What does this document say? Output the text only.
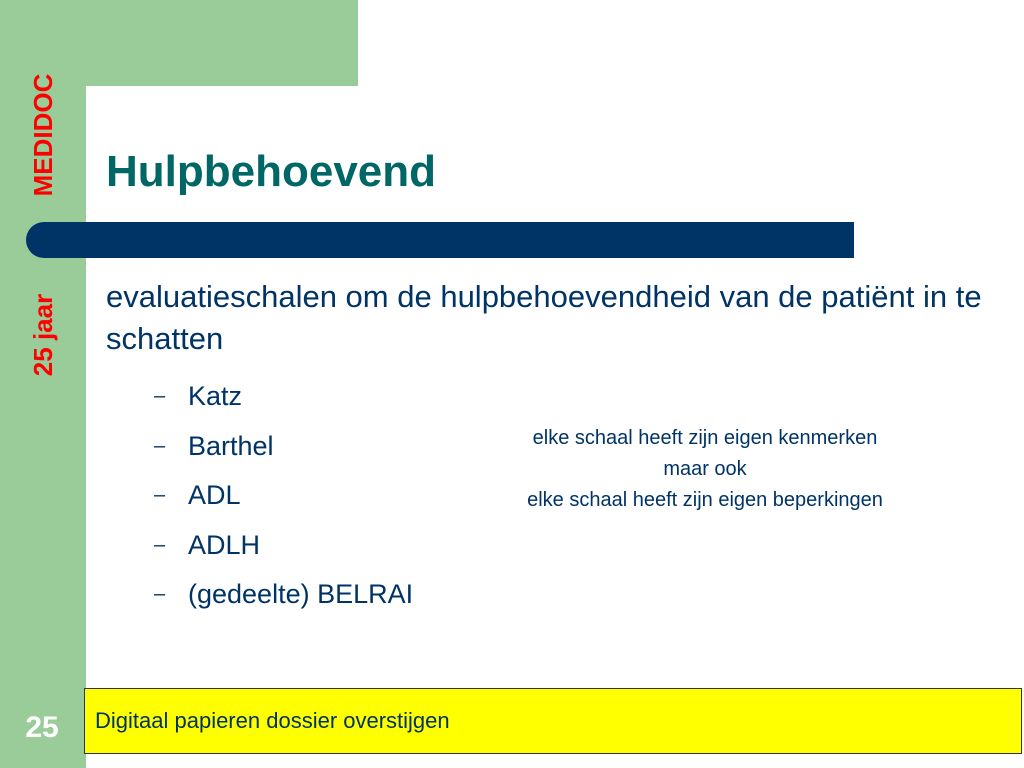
MEDIDOC
25 jaar
Hulpbehoevend

evaluatieschalen om de hulpbehoevendheid van de patiënt in te schatten

– Katz
– Barthel
– ADL
– ADLH
– (gedeelte) BELRAI
elke schaal heeft zijn eigen kenmerken
maar ook
elke schaal heeft zijn eigen beperkingen
Digitaal papieren dossier overstijgen
25
